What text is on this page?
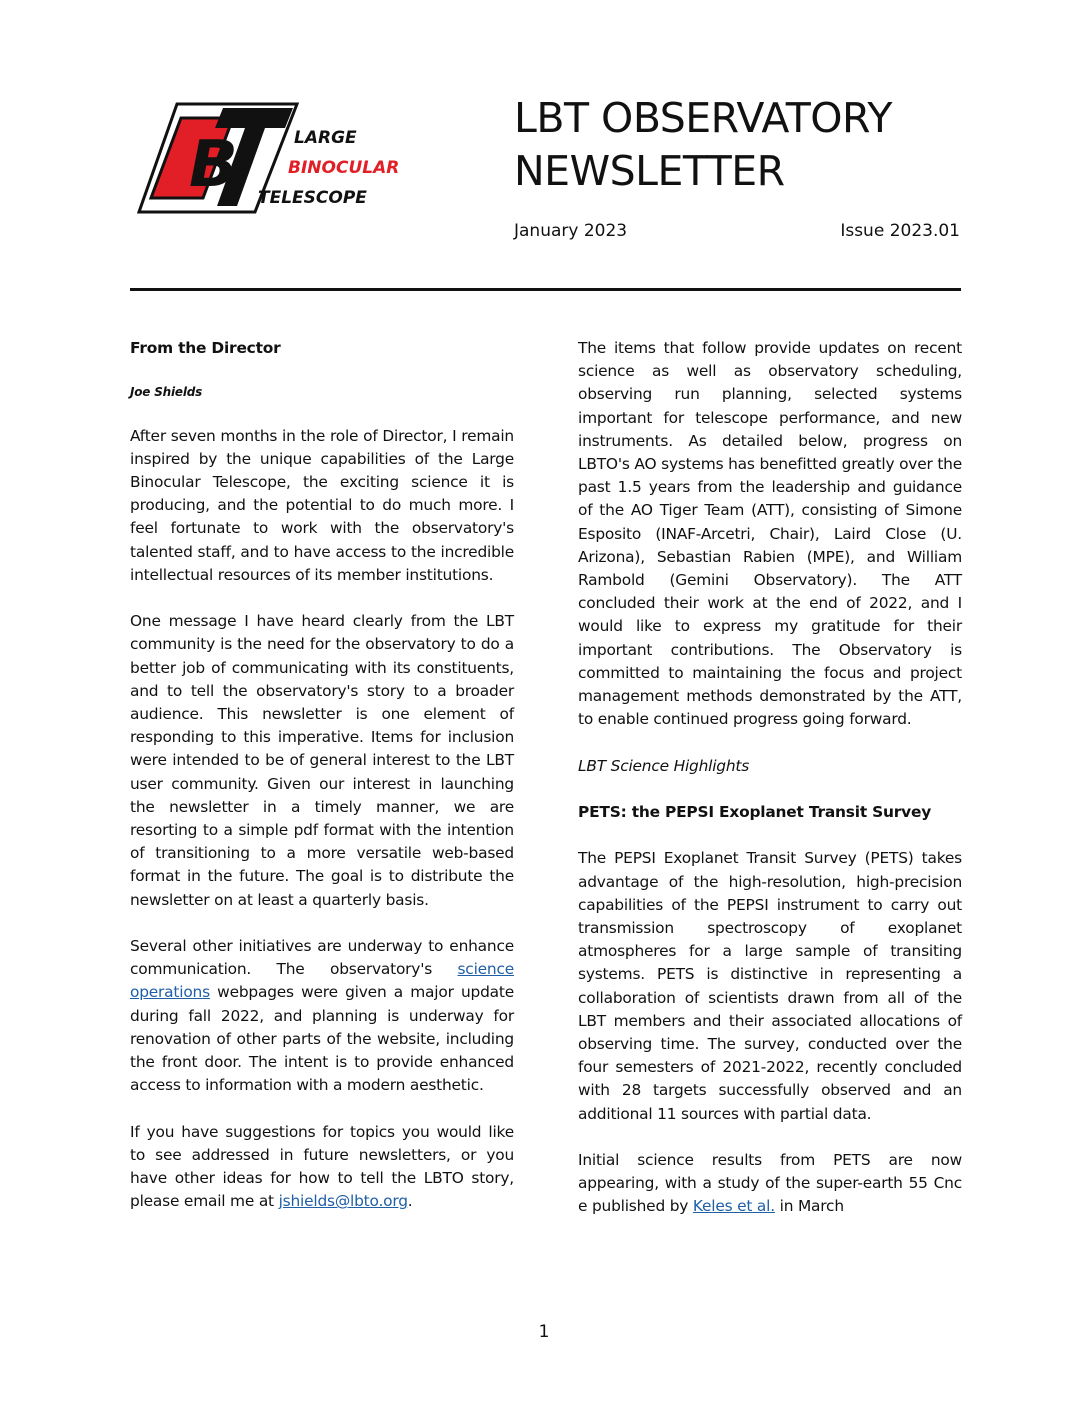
B	LARGE
BINOCULAR
TELESCOPE
LBT OBSERVATORY
NEWSLETTER
January 2023	Issue 2023.01

From the Director

Joe Shields

After seven months in the role of Director, I remain inspired by the unique capabilities of the Large Binocular Telescope, the exciting science it is producing, and the potential to do much more. I feel fortunate to work with the observatory's talented staff, and to have access to the incredible intellectual resources of its member institutions.

One message I have heard clearly from the LBT community is the need for the observatory to do a better job of communicating with its constituents, and to tell the observatory's story to a broader audience. This newsletter is one element of responding to this imperative. Items for inclusion were intended to be of general interest to the LBT user community. Given our interest in launching the newsletter in a timely manner, we are resorting to a simple pdf format with the intention of transitioning to a more versatile web-based format in the future. The goal is to distribute the newsletter on at least a quarterly basis.

Several other initiatives are underway to enhance communication. The observatory's science operations webpages were given a major update during fall 2022, and planning is underway for renovation of other parts of the website, including the front door. The intent is to provide enhanced access to information with a modern aesthetic.

If you have suggestions for topics you would like to see addressed in future newsletters, or you have other ideas for how to tell the LBTO story, please email me at jshields@lbto.org.

The items that follow provide updates on recent science as well as observatory scheduling, observing run planning, selected systems important for telescope performance, and new instruments. As detailed below, progress on LBTO's AO systems has benefitted greatly over the past 1.5 years from the leadership and guidance of the AO Tiger Team (ATT), consisting of Simone Esposito (INAF-Arcetri, Chair), Laird Close (U. Arizona), Sebastian Rabien (MPE), and William Rambold (Gemini Observatory). The ATT concluded their work at the end of 2022, and I would like to express my gratitude for their important contributions. The Observatory is committed to maintaining the focus and project management methods demonstrated by the ATT, to enable continued progress going forward.

LBT Science Highlights

PETS: the PEPSI Exoplanet Transit Survey

The PEPSI Exoplanet Transit Survey (PETS) takes advantage of the high-resolution, high-precision capabilities of the PEPSI instrument to carry out transmission spectroscopy of exoplanet atmospheres for a large sample of transiting systems. PETS is distinctive in representing a collaboration of scientists drawn from all of the LBT members and their associated allocations of observing time. The survey, conducted over the four semesters of 2021-2022, recently concluded with 28 targets successfully observed and an additional 11 sources with partial data.

Initial science results from PETS are now appearing, with a study of the super-earth 55 Cnc e published by Keles et al. in March

1
